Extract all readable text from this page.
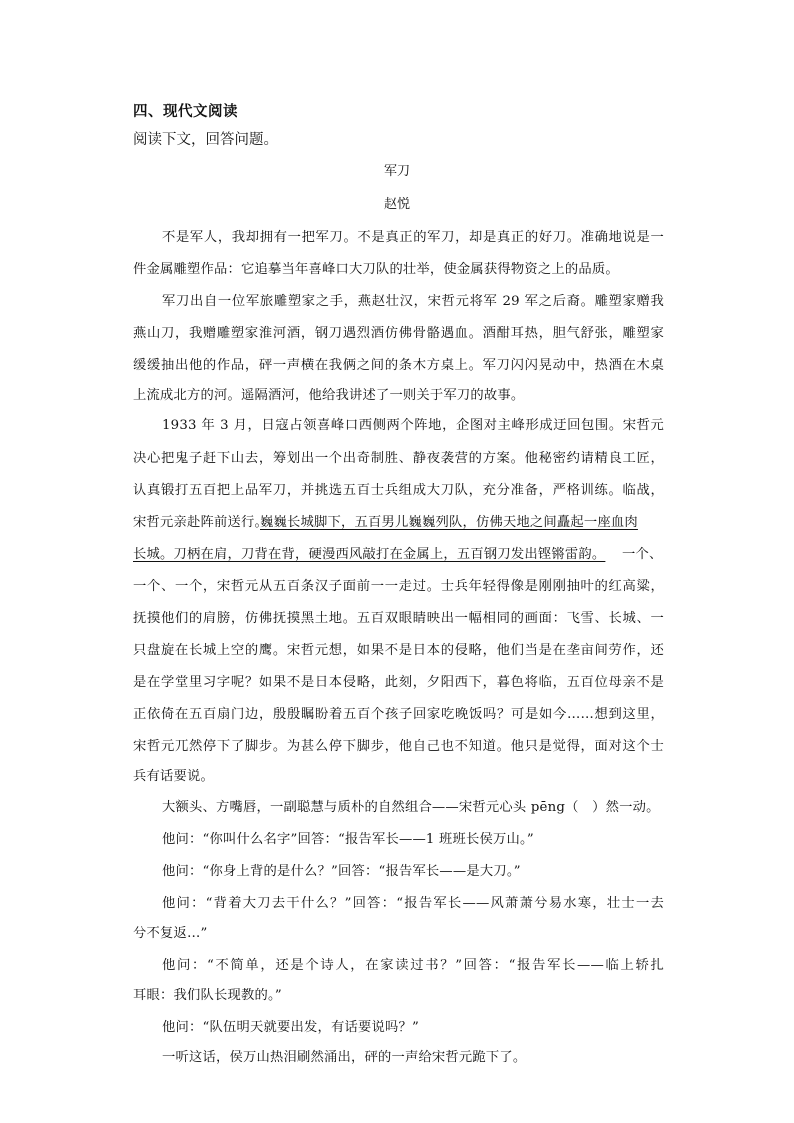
四、现代文阅读
阅读下文，回答问题。
军刀
赵悦
不是军人，我却拥有一把军刀。不是真正的军刀，却是真正的好刀。准确地说是一
件金属雕塑作品：它追摹当年喜峰口大刀队的壮举，使金属获得物资之上的品质。
军刀出自一位军旅雕塑家之手，燕赵壮汉，宋哲元将军 29 军之后裔。雕塑家赠我
燕山刀，我赠雕塑家淮河酒，钢刀遇烈酒仿佛骨骼遇血。酒酣耳热，胆气舒张，雕塑家
缓缓抽出他的作品，砰一声横在我俩之间的条木方桌上。军刀闪闪晃动中，热酒在木桌
上流成北方的河。遥隔酒河，他给我讲述了一则关于军刀的故事。
1933 年 3 月，日寇占领喜峰口西侧两个阵地，企图对主峰形成迂回包围。宋哲元
决心把鬼子赶下山去，筹划出一个出奇制胜、静夜袭营的方案。他秘密约请精良工匠，
认真锻打五百把上品军刀，并挑选五百士兵组成大刀队，充分准备，严格训练。临战，
宋哲元亲赴阵前送行。
巍巍长城脚下，五百男儿巍巍列队，仿佛天地之间矗起一座血肉
长城。刀柄在肩，刀背在背，硬漫西风敲打在金属上，五百钢刀发出铿锵雷韵。 一个、
一个、一个，宋哲元从五百条汉子面前一一走过。士兵年轻得像是刚刚抽叶的红高粱，
抚摸他们的肩膀，仿佛抚摸黑土地。五百双眼睛映出一幅相同的画面：飞雪、长城、一
只盘旋在长城上空的鹰。宋哲元想，如果不是日本的侵略，他们当是在垄亩间劳作，还
是在学堂里习字呢？如果不是日本侵略，此刻，夕阳西下，暮色将临，五百位母亲不是
正依倚在五百扇门边，殷殷瞩盼着五百个孩子回家吃晚饭吗？可是如今……想到这里，
宋哲元兀然停下了脚步。为甚么停下脚步，他自己也不知道。他只是觉得，面对这个士
兵有话要说。
大额头、方嘴唇，一副聪慧与质朴的自然组合——宋哲元心头 pēng（　）然一动。
他问：“你叫什么名字”回答：“报告军长——1 班班长侯万山。”
他问：“你身上背的是什么？”回答：“报告军长——是大刀。”
他问：“背着大刀去干什么？”回答：“报告军长——风萧萧兮易水寒，壮士一去
兮不复返…”
他问：“不简单，还是个诗人，在家读过书？”回答：“报告军长——临上轿扎
耳眼：我们队长现教的。”
他问：“队伍明天就要出发，有话要说吗？”
一听这话，侯万山热泪刷然涌出，砰的一声给宋哲元跪下了。
